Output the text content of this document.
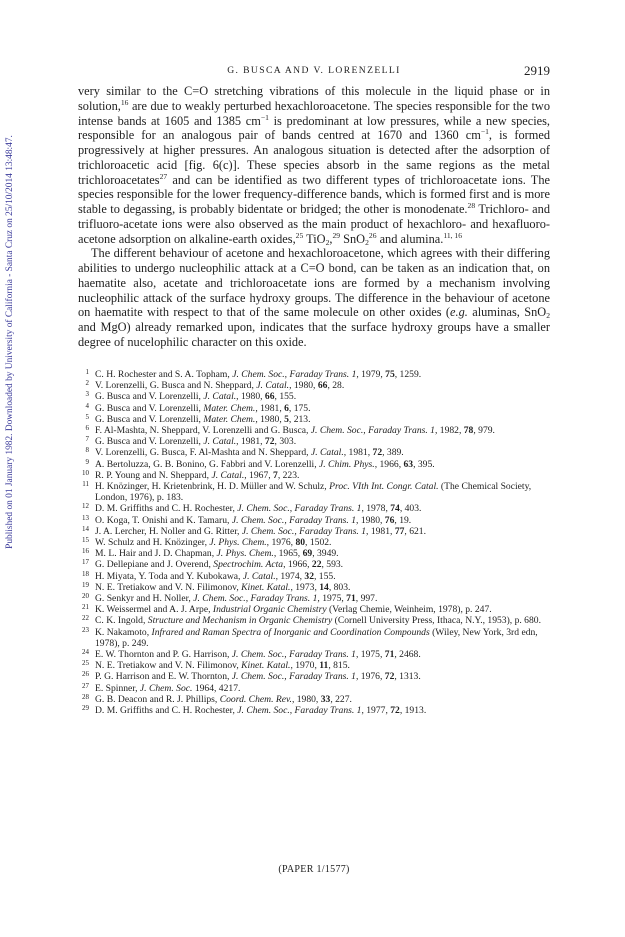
Published on 01 January 1982. Downloaded by University of California - Santa Cruz on 25/10/2014 13:48:47.
G. BUSCA AND V. LORENZELLI	2919

very similar to the C=O stretching vibrations of this molecule in the liquid phase or in solution,$^{16}$ are due to weakly perturbed hexachloroacetone. The species responsible for the two intense bands at 1605 and 1385 $cm^{-1}$ is predominant at low pressures, while a new species, responsible for an analogous pair of bands centred at 1670 and 1360 $cm^{-1}$, is formed progressively at higher pressures. An analogous situation is detected after the adsorption of trichloroacetic acid [fig. 6(c)]. These species absorb in the same regions as the metal trichloroacetates$^{27}$ and can be identified as two different types of trichloroacetate ions. The species responsible for the lower frequency-difference bands, which is formed first and is more stable to degassing, is probably bidentate or bridged; the other is monodenate.$^{28}$ Trichloro- and trifluoro-acetate ions were also observed as the main product of hexachloro- and hexafluoro-acetone adsorption on alkaline-earth oxides,$^{25}$ TiO$_2$,$^{29}$ SnO$_2^{26}$ and alumina.$^{11, 16}$

The different behaviour of acetone and hexachloroacetone, which agrees with their differing abilities to undergo nucleophilic attack at a C=O bond, can be taken as an indication that, on haematite also, acetate and trichloroacetate ions are formed by a mechanism involving nucleophilic attack of the surface hydroxy groups. The difference in the behaviour of acetone on haematite with respect to that of the same molecule on other oxides (e.g. aluminas, SnO$_2$ and MgO) already remarked upon, indicates that the surface hydroxy groups have a smaller degree of nucelophilic character on this oxide.

1 C. H. Rochester and S. A. Topham, J. Chem. Soc., Faraday Trans. 1, 1979, 75, 1259.
2 V. Lorenzelli, G. Busca and N. Sheppard, J. Catal., 1980, 66, 28.
3 G. Busca and V. Lorenzelli, J. Catal., 1980, 66, 155.
4 G. Busca and V. Lorenzelli, Mater. Chem., 1981, 6, 175.
5 G. Busca and V. Lorenzelli, Mater. Chem., 1980, 5, 213.
6 F. Al-Mashta, N. Sheppard, V. Lorenzelli and G. Busca, J. Chem. Soc., Faraday Trans. 1, 1982, 78, 979.
7 G. Busca and V. Lorenzelli, J. Catal., 1981, 72, 303.
8 V. Lorenzelli, G. Busca, F. Al-Mashta and N. Sheppard, J. Catal., 1981, 72, 389.
9 A. Bertoluzza, G. B. Bonino, G. Fabbri and V. Lorenzelli, J. Chim. Phys., 1966, 63, 395.
10 R. P. Young and N. Sheppard, J. Catal., 1967, 7, 223.
11 H. Knözinger, H. Krietenbrink, H. D. Müller and W. Schulz, Proc. VIth Int. Congr. Catal. (The Chemical Society, London, 1976), p. 183.
12 D. M. Griffiths and C. H. Rochester, J. Chem. Soc., Faraday Trans. 1, 1978, 74, 403.
13 O. Koga, T. Onishi and K. Tamaru, J. Chem. Soc., Faraday Trans. 1, 1980, 76, 19.
14 J. A. Lercher, H. Noller and G. Ritter, J. Chem. Soc., Faraday Trans. 1, 1981, 77, 621.
15 W. Schulz and H. Knözinger, J. Phys. Chem., 1976, 80, 1502.
16 M. L. Hair and J. D. Chapman, J. Phys. Chem., 1965, 69, 3949.
17 G. Dellepiane and J. Overend, Spectrochim. Acta, 1966, 22, 593.
18 H. Miyata, Y. Toda and Y. Kubokawa, J. Catal., 1974, 32, 155.
19 N. E. Tretiakow and V. N. Filimonov, Kinet. Katal., 1973, 14, 803.
20 G. Senkyr and H. Noller, J. Chem. Soc., Faraday Trans. 1, 1975, 71, 997.
21 K. Weissermel and A. J. Arpe, Industrial Organic Chemistry (Verlag Chemie, Weinheim, 1978), p. 247.
22 C. K. Ingold, Structure and Mechanism in Organic Chemistry (Cornell University Press, Ithaca, N.Y., 1953), p. 680.
23 K. Nakamoto, Infrared and Raman Spectra of Inorganic and Coordination Compounds (Wiley, New York, 3rd edn, 1978), p. 249.
24 E. W. Thornton and P. G. Harrison, J. Chem. Soc., Faraday Trans. 1, 1975, 71, 2468.
25 N. E. Tretiakow and V. N. Filimonov, Kinet. Katal., 1970, 11, 815.
26 P. G. Harrison and E. W. Thornton, J. Chem. Soc., Faraday Trans. 1, 1976, 72, 1313.
27 E. Spinner, J. Chem. Soc. 1964, 4217.
28 G. B. Deacon and R. J. Phillips, Coord. Chem. Rev., 1980, 33, 227.
29 D. M. Griffiths and C. H. Rochester, J. Chem. Soc., Faraday Trans. 1, 1977, 72, 1913.
(PAPER 1/1577)
